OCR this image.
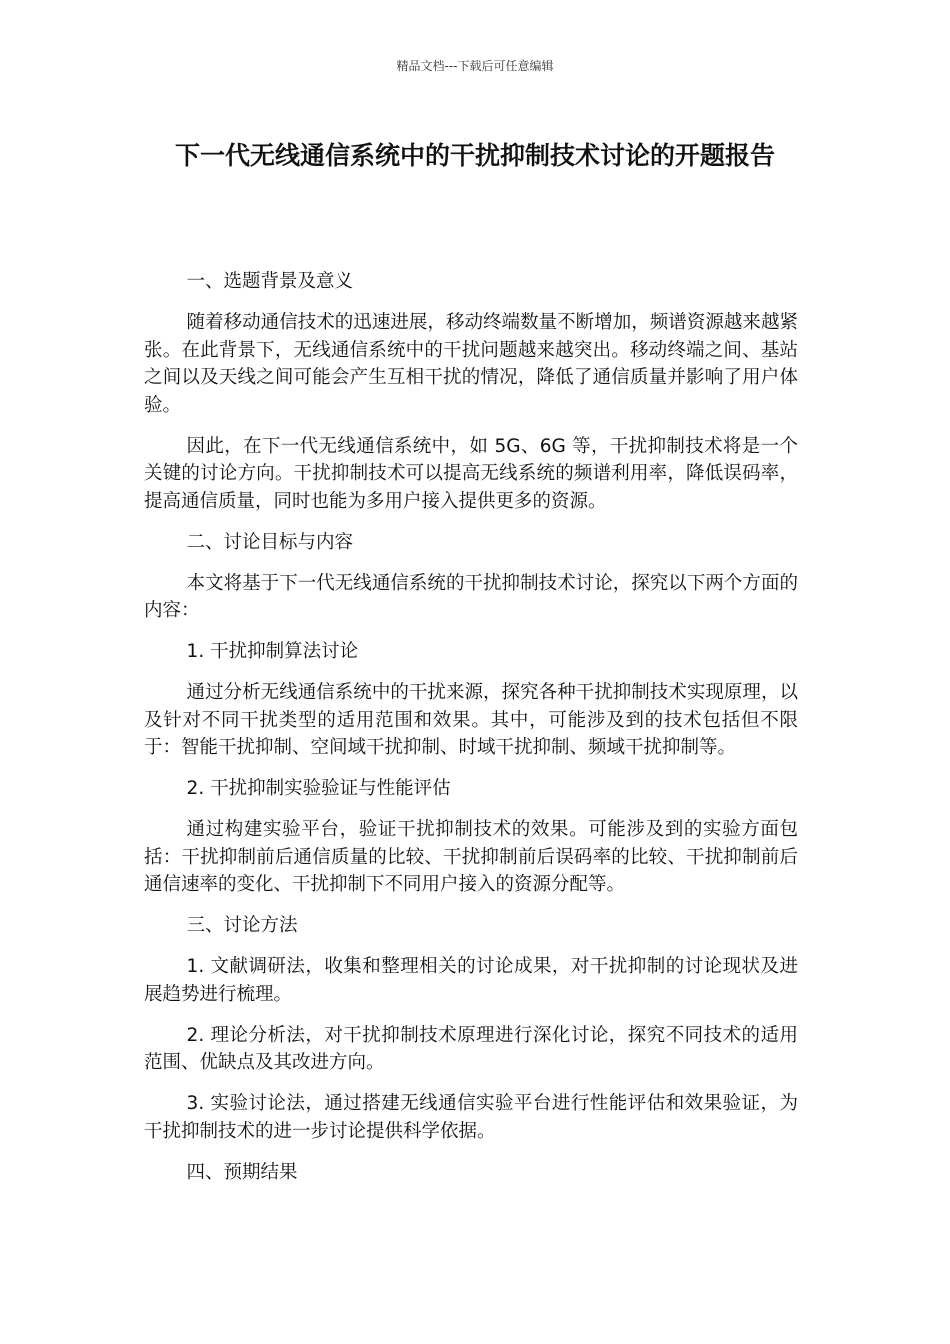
精品文档---下载后可任意编辑
下一代无线通信系统中的干扰抑制技术讨论的开题报告

一、选题背景及意义

随着移动通信技术的迅速进展，移动终端数量不断增加，频谱资源越来越紧张。在此背景下，无线通信系统中的干扰问题越来越突出。移动终端之间、基站之间以及天线之间可能会产生互相干扰的情况，降低了通信质量并影响了用户体验。

因此，在下一代无线通信系统中，如 5G、6G 等，干扰抑制技术将是一个关键的讨论方向。干扰抑制技术可以提高无线系统的频谱利用率，降低误码率，提高通信质量，同时也能为多用户接入提供更多的资源。

二、讨论目标与内容

本文将基于下一代无线通信系统的干扰抑制技术讨论，探究以下两个方面的内容：

1. 干扰抑制算法讨论

通过分析无线通信系统中的干扰来源，探究各种干扰抑制技术实现原理，以及针对不同干扰类型的适用范围和效果。其中，可能涉及到的技术包括但不限于：智能干扰抑制、空间域干扰抑制、时域干扰抑制、频域干扰抑制等。

2. 干扰抑制实验验证与性能评估

通过构建实验平台，验证干扰抑制技术的效果。可能涉及到的实验方面包括：干扰抑制前后通信质量的比较、干扰抑制前后误码率的比较、干扰抑制前后通信速率的变化、干扰抑制下不同用户接入的资源分配等。

三、讨论方法

1. 文献调研法，收集和整理相关的讨论成果，对干扰抑制的讨论现状及进展趋势进行梳理。

2. 理论分析法，对干扰抑制技术原理进行深化讨论，探究不同技术的适用范围、优缺点及其改进方向。

3. 实验讨论法，通过搭建无线通信实验平台进行性能评估和效果验证，为干扰抑制技术的进一步讨论提供科学依据。

四、预期结果
